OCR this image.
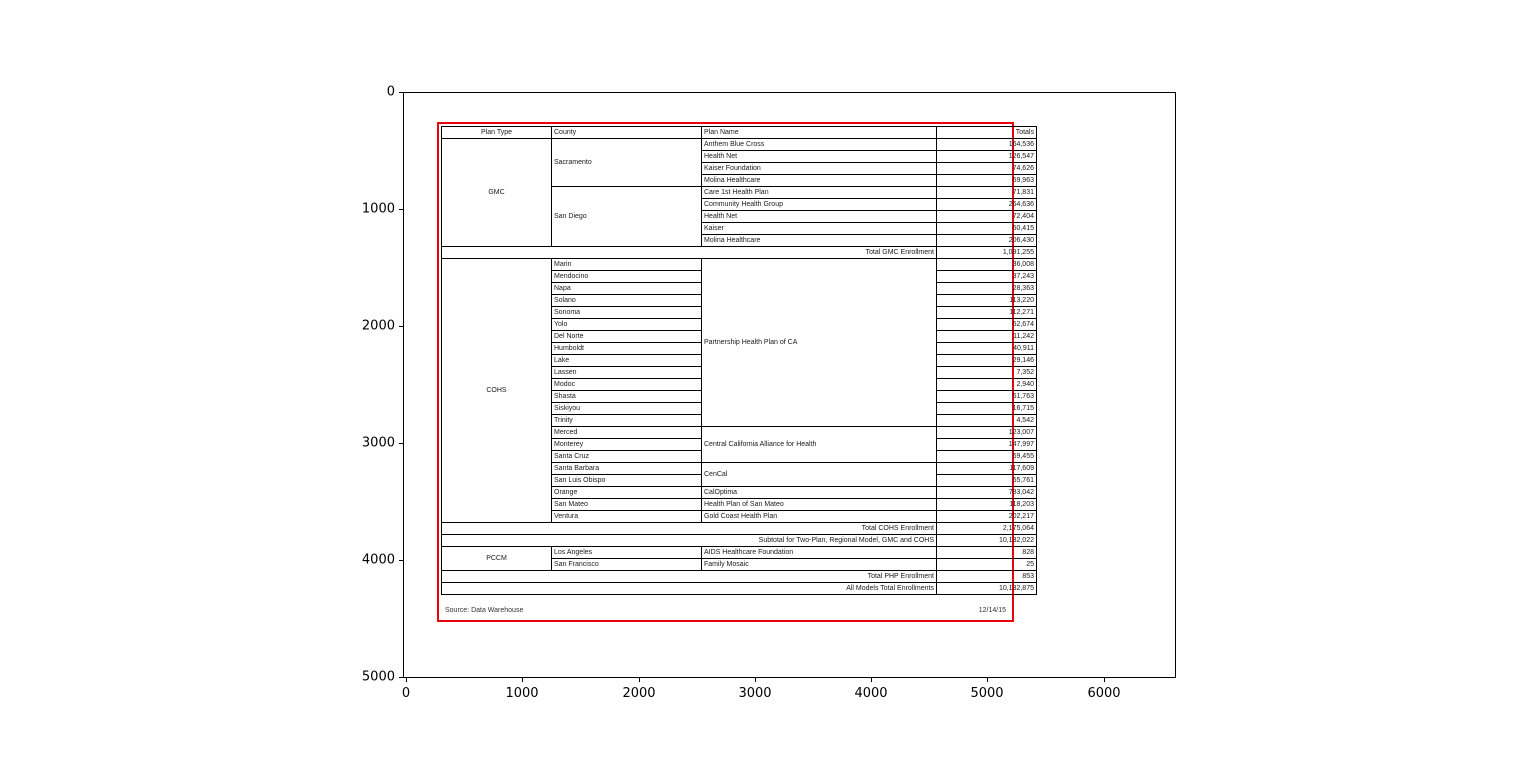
0
1000
2000
3000
4000
5000
0	1000	2000	3000	4000	5000	6000
Plan Type	County	Plan Name	Totals
GMC	Sacramento	Anthem Blue Cross	164,536
		Health Net	126,547
		Kaiser Foundation	74,626
		Molina Healthcare	59,963
	San Diego	Care 1st Health Plan	71,831
		Community Health Group	264,636
		Health Net	72,404
		Kaiser	50,415
		Molina Healthcare	206,430
Total GMC Enrollment			1,091,255
COHS	Marin	Partnership Health Plan of CA	36,008
	Mendocino		37,243
	Napa		28,363
	Solano		113,220
	Sonoma		112,271
	Yolo		52,674
	Del Norte		11,242
	Humboldt		40,911
	Lake		29,146
	Lassen		7,352
	Modoc		2,940
	Shasta		61,763
	Siskiyou		16,715
	Trinity		4,542
	Merced	Central California Alliance for Health	123,007
	Monterey		147,997
	Santa Cruz		69,455
	Santa Barbara	CenCal	117,609
	San Luis Obispo		55,761
	Orange	CalOptima	783,042
	San Mateo	Health Plan of San Mateo	118,203
	Ventura	Gold Coast Health Plan	202,217
Total COHS Enrollment			2,175,064
Subtotal for Two-Plan, Regional Model, GMC and COHS			10,132,022
PCCM	Los Angeles	AIDS Healthcare Foundation	828
	San Francisco	Family Mosaic	25
Total PHP Enrollment			853
All Models Total Enrollments			10,132,875
Source: Data Warehouse	12/14/15
